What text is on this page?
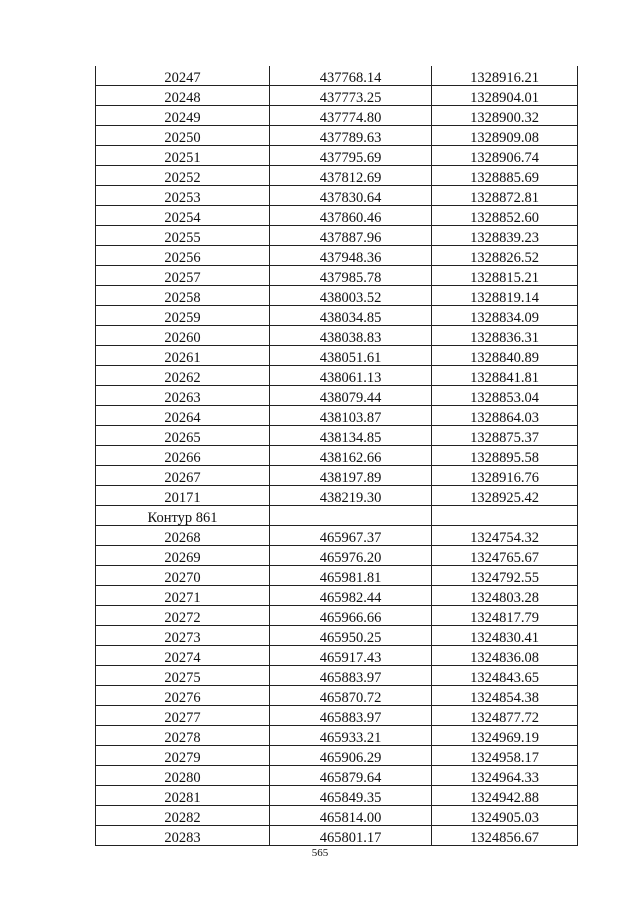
20247	437768.14	1328916.21
20248	437773.25	1328904.01
20249	437774.80	1328900.32
20250	437789.63	1328909.08
20251	437795.69	1328906.74
20252	437812.69	1328885.69
20253	437830.64	1328872.81
20254	437860.46	1328852.60
20255	437887.96	1328839.23
20256	437948.36	1328826.52
20257	437985.78	1328815.21
20258	438003.52	1328819.14
20259	438034.85	1328834.09
20260	438038.83	1328836.31
20261	438051.61	1328840.89
20262	438061.13	1328841.81
20263	438079.44	1328853.04
20264	438103.87	1328864.03
20265	438134.85	1328875.37
20266	438162.66	1328895.58
20267	438197.89	1328916.76
20171	438219.30	1328925.42
Контур 861		
20268	465967.37	1324754.32
20269	465976.20	1324765.67
20270	465981.81	1324792.55
20271	465982.44	1324803.28
20272	465966.66	1324817.79
20273	465950.25	1324830.41
20274	465917.43	1324836.08
20275	465883.97	1324843.65
20276	465870.72	1324854.38
20277	465883.97	1324877.72
20278	465933.21	1324969.19
20279	465906.29	1324958.17
20280	465879.64	1324964.33
20281	465849.35	1324942.88
20282	465814.00	1324905.03
20283	465801.17	1324856.67
565
